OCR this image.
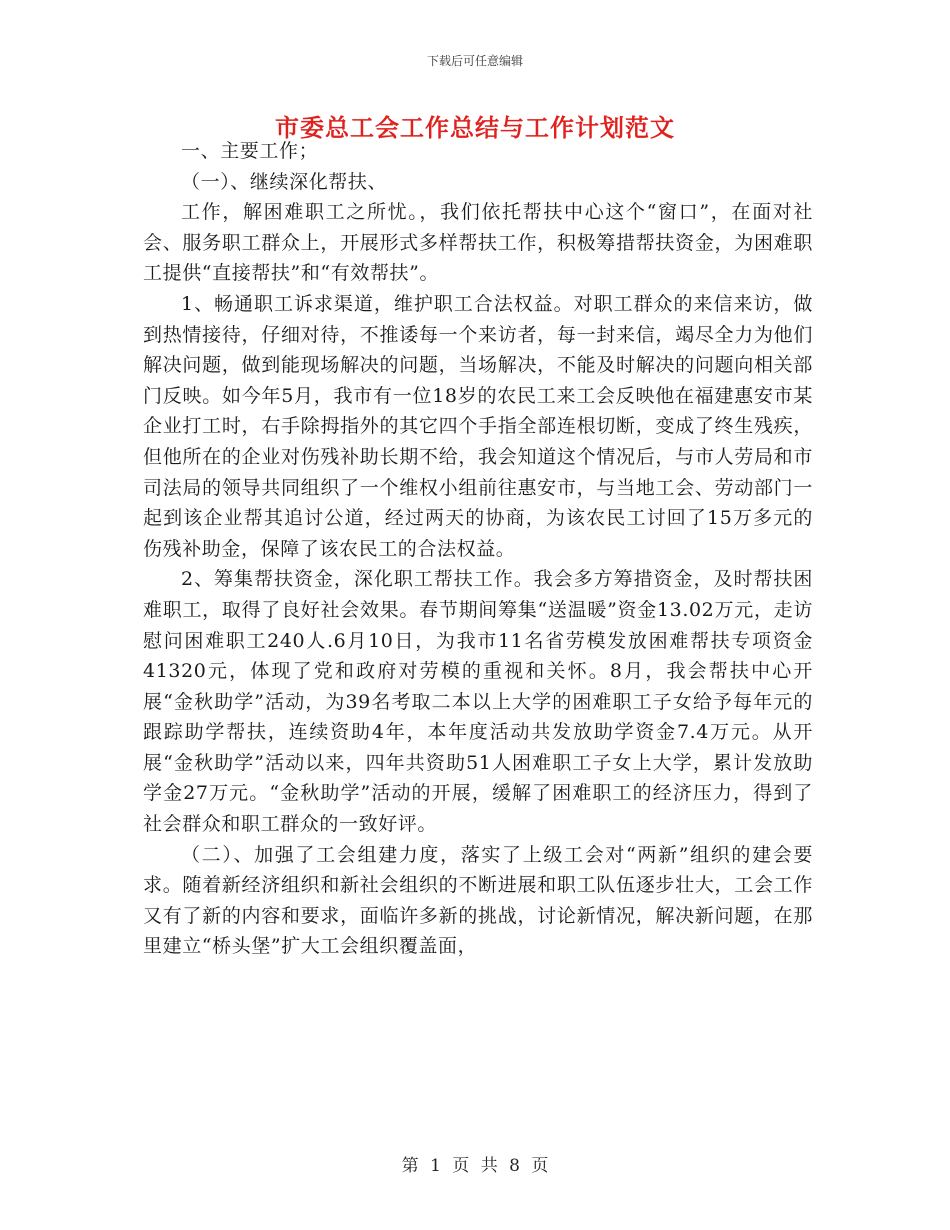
下载后可任意编辑
市委总工会工作总结与工作计划范文

一、主要工作；

（一）、继续深化帮扶、

工作，解困难职工之所忧。，我们依托帮扶中心这个“窗口”，在面对社会、服务职工群众上，开展形式多样帮扶工作，积极筹措帮扶资金，为困难职工提供“直接帮扶”和“有效帮扶”。

1、畅通职工诉求渠道，维护职工合法权益。对职工群众的来信来访，做到热情接待，仔细对待，不推诿每一个来访者，每一封来信，竭尽全力为他们解决问题，做到能现场解决的问题，当场解决，不能及时解决的问题向相关部门反映。如今年5月，我市有一位18岁的农民工来工会反映他在福建惠安市某企业打工时，右手除拇指外的其它四个手指全部连根切断，变成了终生残疾，但他所在的企业对伤残补助长期不给，我会知道这个情况后，与市人劳局和市司法局的领导共同组织了一个维权小组前往惠安市，与当地工会、劳动部门一起到该企业帮其追讨公道，经过两天的协商，为该农民工讨回了15万多元的伤残补助金，保障了该农民工的合法权益。

2、筹集帮扶资金，深化职工帮扶工作。我会多方筹措资金，及时帮扶困难职工，取得了良好社会效果。春节期间筹集“送温暖”资金13.02万元，走访慰问困难职工240人.6月10日，为我市11名省劳模发放困难帮扶专项资金41320元，体现了党和政府对劳模的重视和关怀。8月，我会帮扶中心开展“金秋助学”活动，为39名考取二本以上大学的困难职工子女给予每年元的跟踪助学帮扶，连续资助4年，本年度活动共发放助学资金7.4万元。从开展“金秋助学”活动以来，四年共资助51人困难职工子女上大学，累计发放助学金27万元。“金秋助学”活动的开展，缓解了困难职工的经济压力，得到了社会群众和职工群众的一致好评。

（二）、加强了工会组建力度，落实了上级工会对“两新”组织的建会要求。随着新经济组织和新社会组织的不断进展和职工队伍逐步壮大，工会工作又有了新的内容和要求，面临许多新的挑战，讨论新情况，解决新问题，在那里建立“桥头堡”扩大工会组织覆盖面，

第 1 页 共 8 页
